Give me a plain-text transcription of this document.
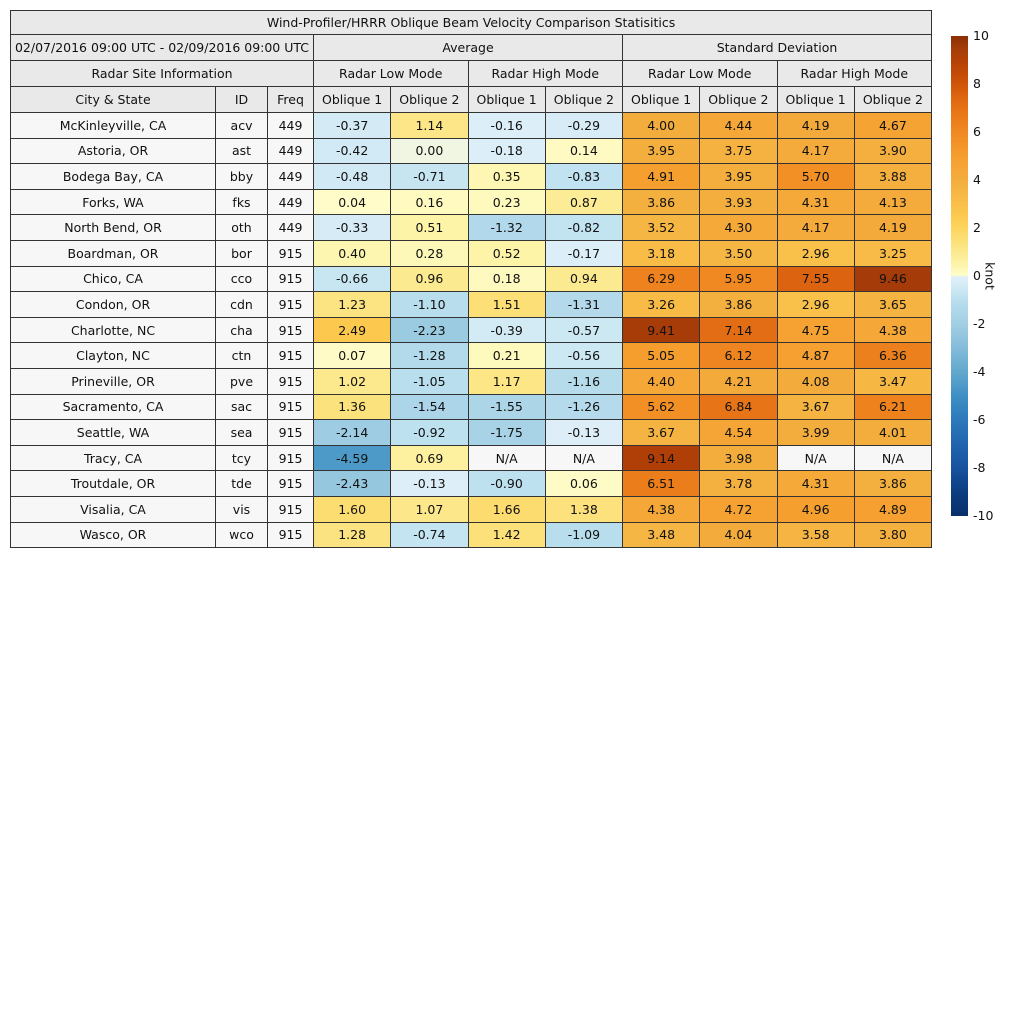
Wind-Profiler/HRRR Oblique Beam Velocity Comparison Statisitics										
02/07/2016 09:00 UTC - 02/09/2016 09:00 UTC			Average				Standard Deviation			
Radar Site Information			Radar Low Mode		Radar High Mode		Radar Low Mode		Radar High Mode	
City & State	ID	Freq	Oblique 1	Oblique 2	Oblique 1	Oblique 2	Oblique 1	Oblique 2	Oblique 1	Oblique 2
McKinleyville, CA	acv	449	-0.37	1.14	-0.16	-0.29	4.00	4.44	4.19	4.67
Astoria, OR	ast	449	-0.42	0.00	-0.18	0.14	3.95	3.75	4.17	3.90
Bodega Bay, CA	bby	449	-0.48	-0.71	0.35	-0.83	4.91	3.95	5.70	3.88
Forks, WA	fks	449	0.04	0.16	0.23	0.87	3.86	3.93	4.31	4.13
North Bend, OR	oth	449	-0.33	0.51	-1.32	-0.82	3.52	4.30	4.17	4.19
Boardman, OR	bor	915	0.40	0.28	0.52	-0.17	3.18	3.50	2.96	3.25
Chico, CA	cco	915	-0.66	0.96	0.18	0.94	6.29	5.95	7.55	9.46
Condon, OR	cdn	915	1.23	-1.10	1.51	-1.31	3.26	3.86	2.96	3.65
Charlotte, NC	cha	915	2.49	-2.23	-0.39	-0.57	9.41	7.14	4.75	4.38
Clayton, NC	ctn	915	0.07	-1.28	0.21	-0.56	5.05	6.12	4.87	6.36
Prineville, OR	pve	915	1.02	-1.05	1.17	-1.16	4.40	4.21	4.08	3.47
Sacramento, CA	sac	915	1.36	-1.54	-1.55	-1.26	5.62	6.84	3.67	6.21
Seattle, WA	sea	915	-2.14	-0.92	-1.75	-0.13	3.67	4.54	3.99	4.01
Tracy, CA	tcy	915	-4.59	0.69	N/A	N/A	9.14	3.98	N/A	N/A
Troutdale, OR	tde	915	-2.43	-0.13	-0.90	0.06	6.51	3.78	4.31	3.86
Visalia, CA	vis	915	1.60	1.07	1.66	1.38	4.38	4.72	4.96	4.89
Wasco, OR	wco	915	1.28	-0.74	1.42	-1.09	3.48	4.04	3.58	3.80
knot
10
8
6
4
2
0
-2
-4
-6
-8
-10
